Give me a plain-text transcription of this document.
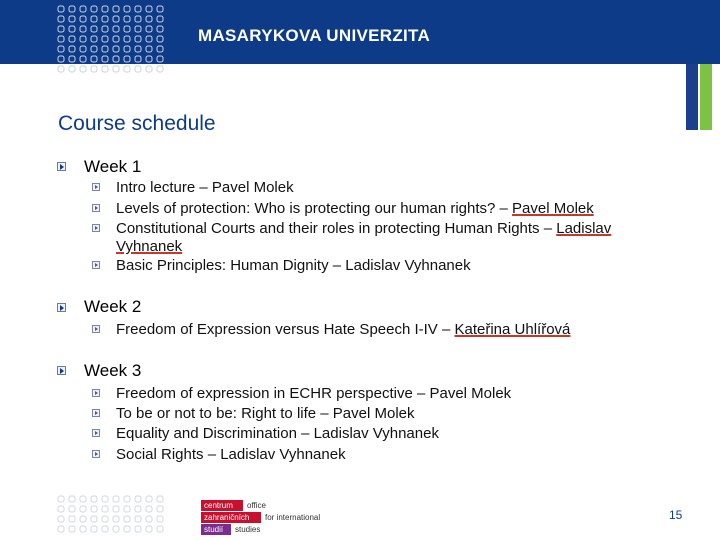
MASARYKOVA UNIVERZITA
Course schedule
Week 1
Intro lecture – Pavel Molek
Levels of protection: Who is protecting our human rights? – Pavel Molek
Constitutional Courts and their roles in protecting Human Rights – Ladislav Vyhnanek
Basic Principles: Human Dignity – Ladislav Vyhnanek
Week 2
Freedom of Expression versus Hate Speech I-IV – Kateřina Uhlířová
Week 3
Freedom of expression in ECHR perspective – Pavel Molek
To be or not to be: Right to life – Pavel Molek
Equality and Discrimination – Ladislav Vyhnanek
Social Rights – Ladislav Vyhnanek
centrum	office
zahraničních	for international
studií	studies
15
